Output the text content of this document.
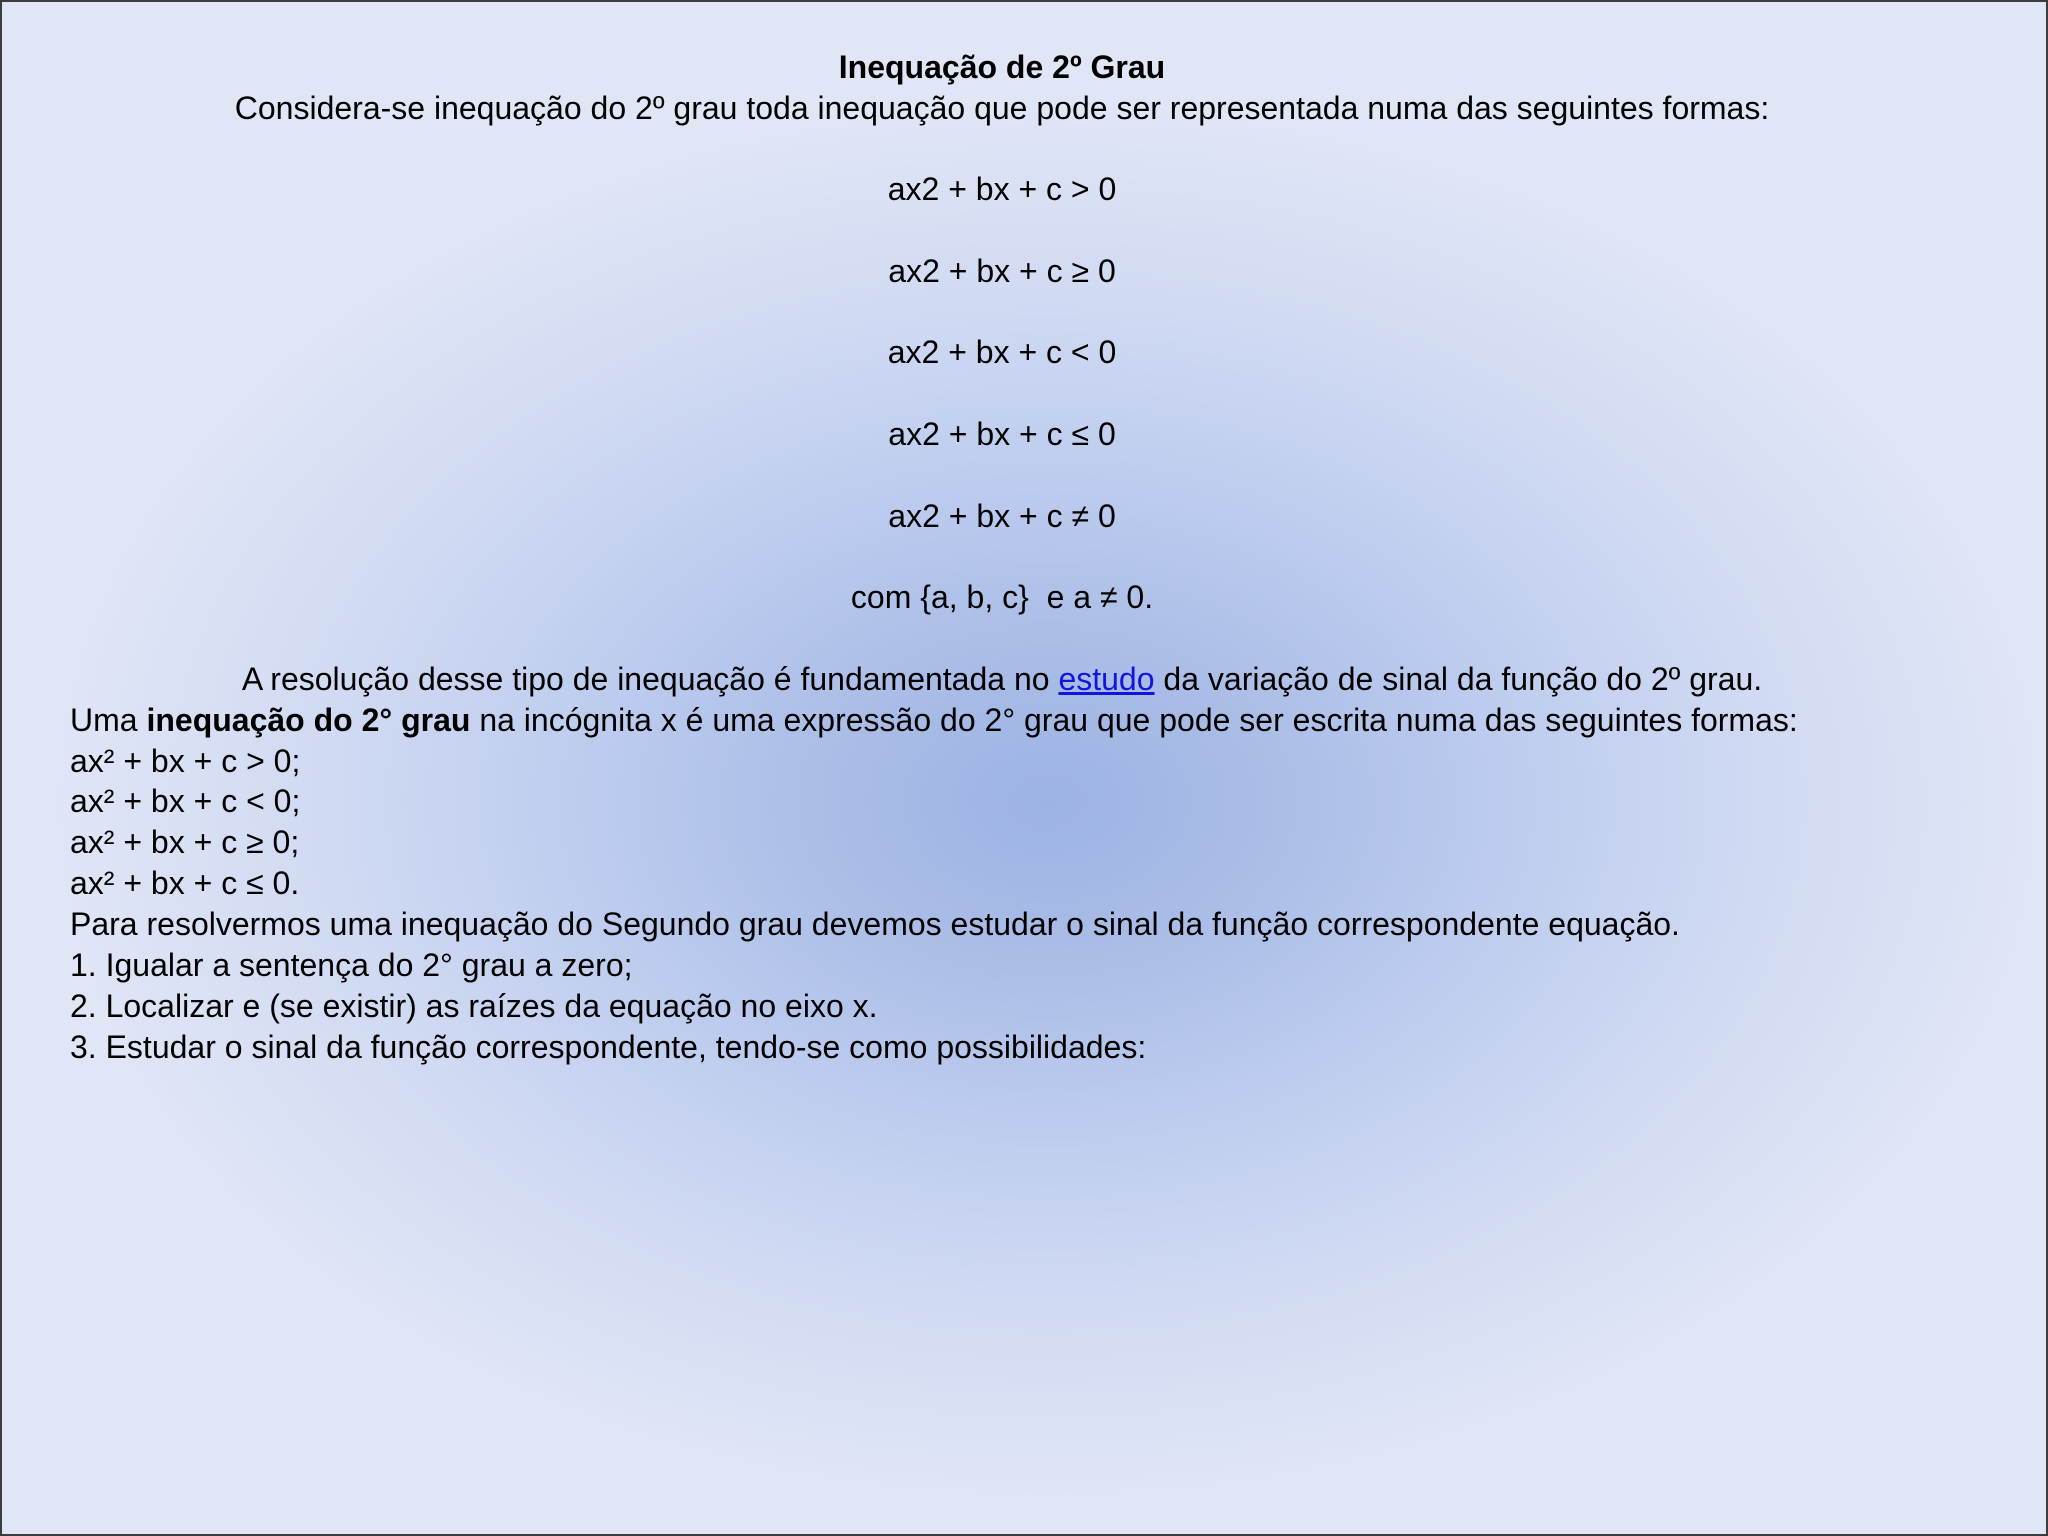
Inequação de 2º Grau
Considera-se inequação do 2º grau toda inequação que pode ser representada numa das seguintes formas:
ax2 + bx + c > 0
ax2 + bx + c ≥ 0
ax2 + bx + c < 0
ax2 + bx + c ≤ 0
ax2 + bx + c ≠ 0
com {a, b, c}  e a ≠ 0.
A resolução desse tipo de inequação é fundamentada no estudo da variação de sinal da função do 2º grau.
Uma inequação do 2° grau na incógnita x é uma expressão do 2° grau que pode ser escrita numa das seguintes formas:
ax² + bx + c > 0;
ax² + bx + c < 0;
ax² + bx + c ≥ 0;
ax² + bx + c ≤ 0.
Para resolvermos uma inequação do Segundo grau devemos estudar o sinal da função correspondente equação.
1. Igualar a sentença do 2° grau a zero;
2. Localizar e (se existir) as raízes da equação no eixo x.
3. Estudar o sinal da função correspondente, tendo-se como possibilidades:
